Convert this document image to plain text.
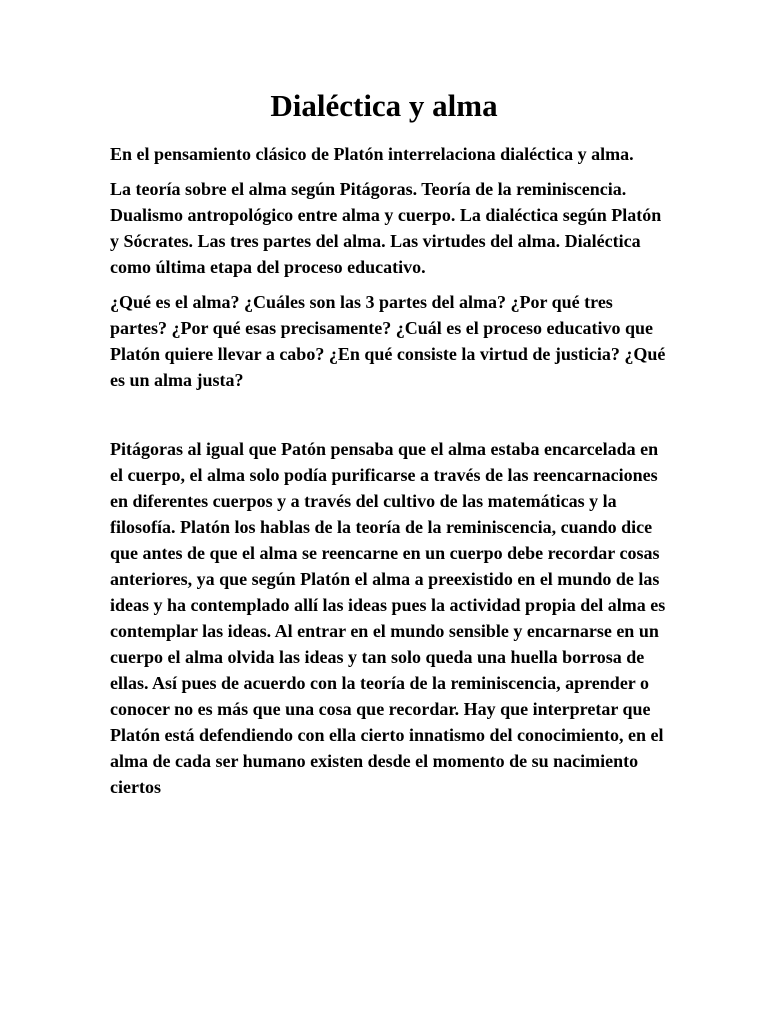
Dialéctica y alma

En el pensamiento clásico de Platón interrelaciona dialéctica y alma.

La teoría sobre el alma según Pitágoras. Teoría de la reminiscencia. Dualismo antropológico entre alma y cuerpo. La dialéctica según Platón y Sócrates. Las tres partes del alma. Las virtudes del alma. Dialéctica como última etapa del proceso educativo.

¿Qué es el alma? ¿Cuáles son las 3 partes del alma? ¿Por qué tres partes? ¿Por qué esas precisamente? ¿Cuál es el proceso educativo que Platón quiere llevar a cabo? ¿En qué consiste la virtud de justicia? ¿Qué es un alma justa?

Pitágoras al igual que Patón pensaba que el alma estaba encarcelada en el cuerpo, el alma solo podía purificarse a través de las reencarnaciones en diferentes cuerpos y a través del cultivo de las matemáticas y la filosofía. Platón los hablas de la teoría de la reminiscencia, cuando dice que antes de que el alma se reencarne en un cuerpo debe recordar cosas anteriores, ya que según Platón el alma a preexistido en el mundo de las ideas y ha contemplado allí las ideas pues la actividad propia del alma es contemplar las ideas. Al entrar en el mundo sensible y encarnarse en un cuerpo el alma olvida las ideas y tan solo queda una huella borrosa de ellas. Así pues de acuerdo con la teoría de la reminiscencia, aprender o conocer no es más que una cosa que recordar. Hay que interpretar que Platón está defendiendo con ella cierto innatismo del conocimiento, en el alma de cada ser humano existen desde el momento de su nacimiento ciertos
